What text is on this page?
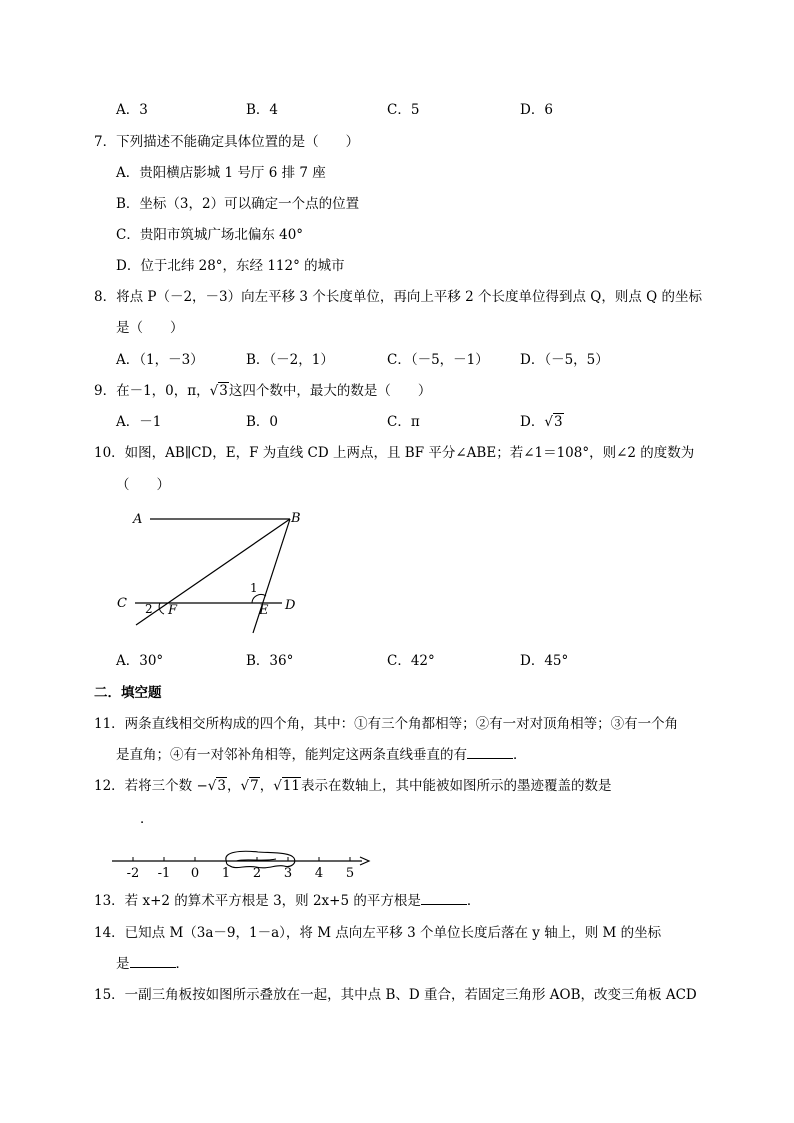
A．3	B．4	C．5	D．6
7．下列描述不能确定具体位置的是（　　）
A．贵阳横店影城 1 号厅 6 排 7 座
B．坐标（3，2）可以确定一个点的位置
C．贵阳市筑城广场北偏东 40°
D．位于北纬 28°，东经 112° 的城市
8．将点 P（－2，－3）向左平移 3 个长度单位，再向上平移 2 个长度单位得到点 Q，则点 Q 的坐标
是（　　）
A．（1，－3）	B．（－2，1）	C．（－5，－1） D．（－5，5）
9．在－1，0，π，√3这四个数中，最大的数是（　　）
A．－1	B．0	C．π	D．√3
10．如图，AB∥CD，E，F 为直线 CD 上两点，且 BF 平分∠ABE；若∠1＝108°，则∠2 的度数为
（　　）
A	B
C	D
E
F
1
2
A．30°	B．36°	C．42°	D．45°
二．填空题
11．两条直线相交所构成的四个角，其中：①有三个角都相等；②有一对对顶角相等；③有一个角
是直角；④有一对邻补角相等，能判定这两条直线垂直的有	．
12．若将三个数 −√3，√7，√11表示在数轴上，其中能被如图所示的墨迹覆盖的数是
．
-2 -1 0 1 2 3 4 5
13．若 x+2 的算术平方根是 3，则 2x+5 的平方根是	．
14．已知点 M（3a－9，1－a），将 M 点向左平移 3 个单位长度后落在 y 轴上，则 M 的坐标
是	．
15．一副三角板按如图所示叠放在一起，其中点 B、D 重合，若固定三角形 AOB，改变三角板 ACD
